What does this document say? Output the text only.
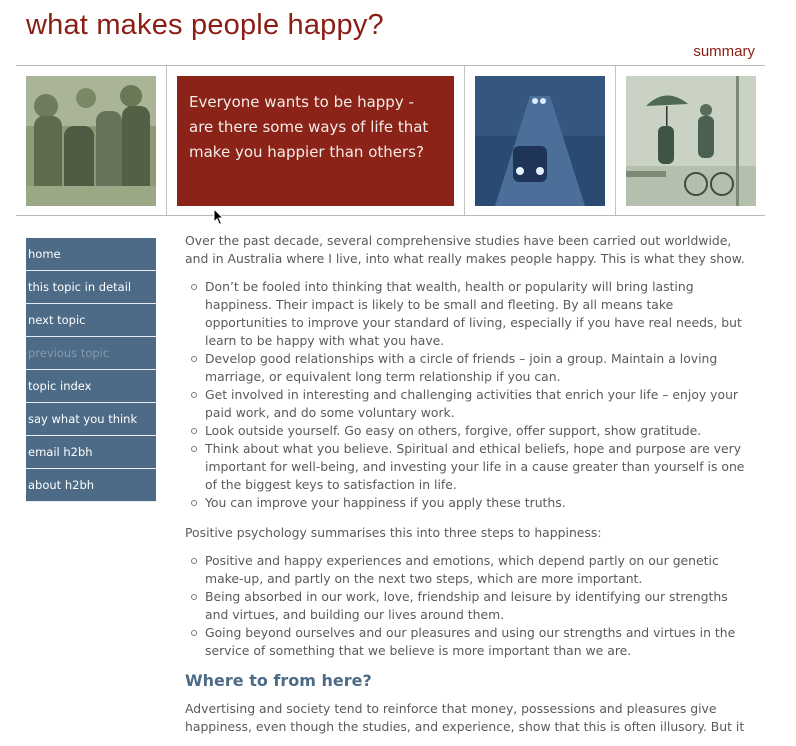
what makes people happy?
summary

Everyone wants to be happy -
are there some ways of life that
make you happier than others?

home
this topic in detail
next topic
previous topic
topic index
say what you think
email h2bh
about h2bh

Over the past decade, several comprehensive studies have been carried out worldwide, and in Australia where I live, into what really makes people happy. This is what they show.

Don’t be fooled into thinking that wealth, health or popularity will bring lasting happiness. Their impact is likely to be small and fleeting. By all means take opportunities to improve your standard of living, especially if you have real needs, but learn to be happy with what you have.
Develop good relationships with a circle of friends – join a group. Maintain a loving marriage, or equivalent long term relationship if you can.
Get involved in interesting and challenging activities that enrich your life – enjoy your paid work, and do some voluntary work.
Look outside yourself. Go easy on others, forgive, offer support, show gratitude.
Think about what you believe. Spiritual and ethical beliefs, hope and purpose are very important for well-being, and investing your life in a cause greater than yourself is one of the biggest keys to satisfaction in life.
You can improve your happiness if you apply these truths.

Positive psychology summarises this into three steps to happiness:

Positive and happy experiences and emotions, which depend partly on our genetic make-up, and partly on the next two steps, which are more important.
Being absorbed in our work, love, friendship and leisure by identifying our strengths and virtues, and building our lives around them.
Going beyond ourselves and our pleasures and using our strengths and virtues in the service of something that we believe is more important than we are.
Where to from here?

Advertising and society tend to reinforce that money, possessions and pleasures give happiness, even though the studies, and experience, show that this is often illusory. But it
